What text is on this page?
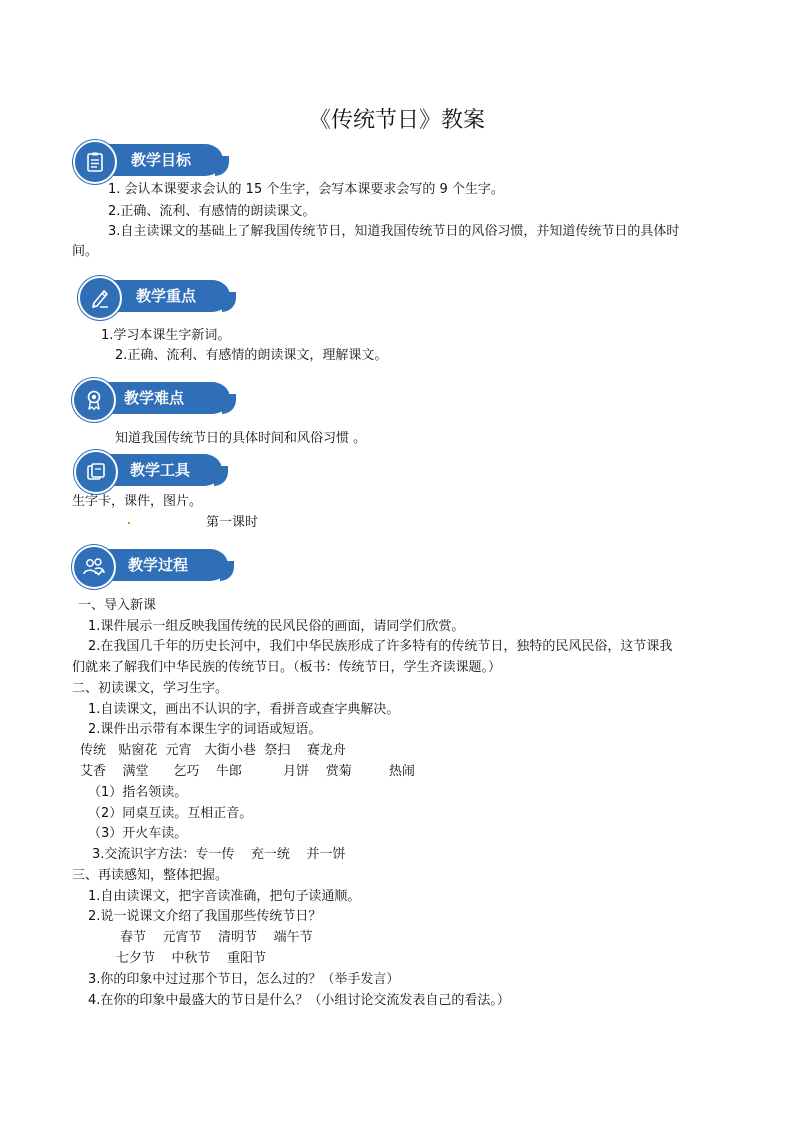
《传统节日》教案
教学目标
1. 会认本课要求会认的 15 个生字，会写本课要求会写的 9 个生字。
2.正确、流利、有感情的朗读课文。
3.自主读课文的基础上了解我国传统节日，知道我国传统节日的风俗习惯，并知道传统节日的具体时
间。
教学重点
1.学习本课生字新词。
2.正确、流利、有感情的朗读课文，理解课文。
教学难点
知道我国传统节日的具体时间和风俗习惯 。
教学工具
生字卡，课件，图片。
第一课时
教学过程
一、导入新课
1.课件展示一组反映我国传统的民风民俗的画面，请同学们欣赏。
2.在我国几千年的历史长河中，我们中华民族形成了许多特有的传统节日，独特的民风民俗，这节课我
们就来了解我们中华民族的传统节日。（板书：传统节日，学生齐读课题。）
二、初读课文，学习生字。
1.自读课文，画出不认识的字，看拼音或查字典解决。
2.课件出示带有本课生字的词语或短语。
传统   贴窗花  元宵   大街小巷  祭扫    赛龙舟
艾香    满堂      乞巧    牛郎          月饼    赏菊         热闹
（1）指名领读。
（2）同桌互读。互相正音。
（3）开火车读。
3.交流识字方法：专一传    充一统    并一饼
三、再读感知，整体把握。
1.自由读课文，把字音读准确，把句子读通顺。
2.说一说课文介绍了我国那些传统节日？
春节    元宵节    清明节    端午节
七夕节    中秋节    重阳节
3.你的印象中过过那个节日，怎么过的？（举手发言）
4.在你的印象中最盛大的节日是什么？（小组讨论交流发表自己的看法。）
